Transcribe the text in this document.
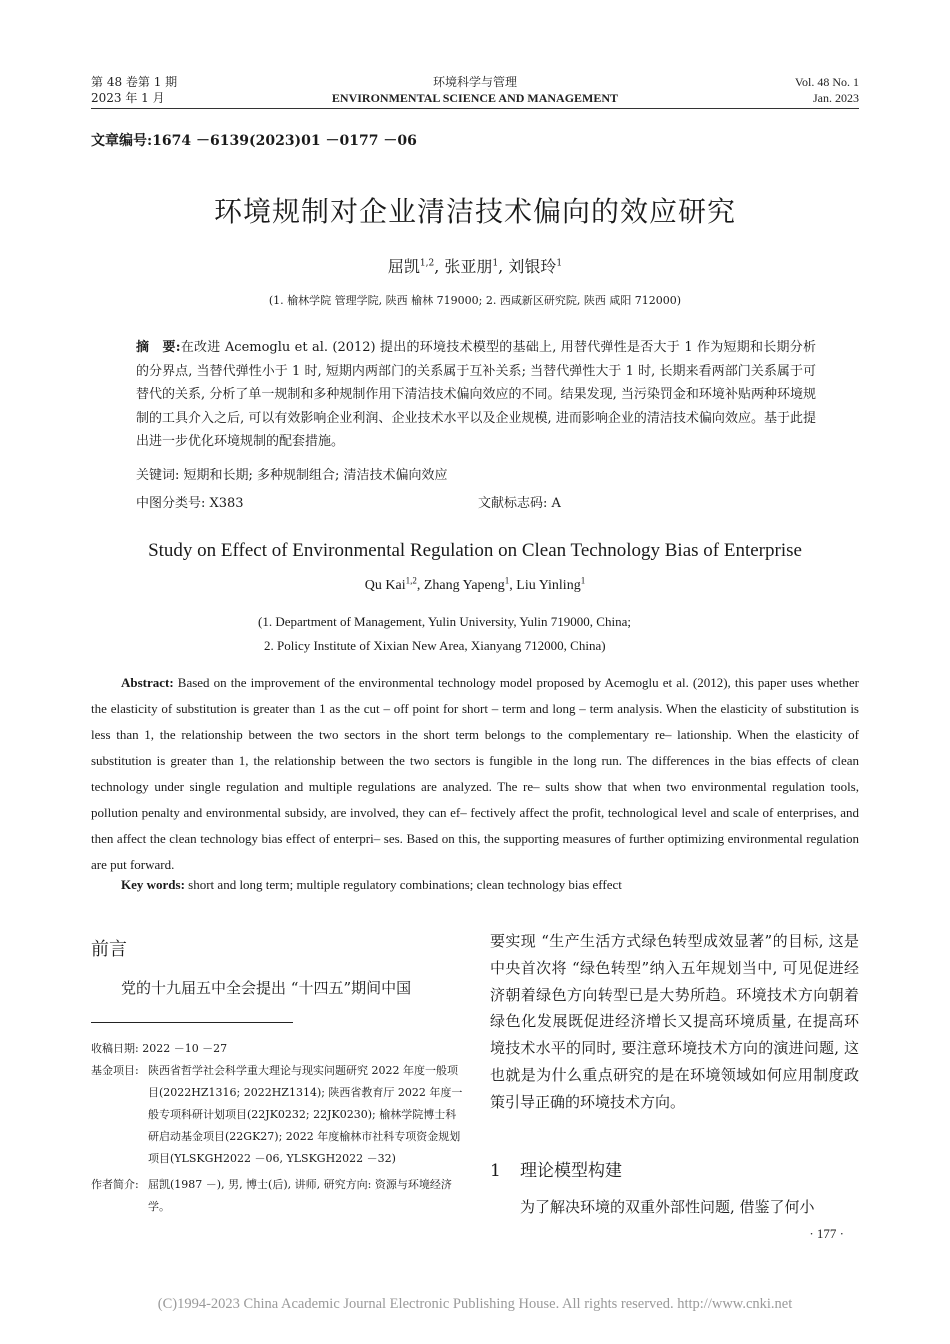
第 48 卷第 1 期
2023 年 1 月
环境科学与管理
ENVIRONMENTAL SCIENCE AND MANAGEMENT
Vol. 48 No. 1
Jan. 2023
文章编号:1674 －6139(2023)01 －0177 －06
环境规制对企业清洁技术偏向的效应研究
屈凯$^{1,2}$, 张亚朋$^1$, 刘银玲$^1$
(1. 榆林学院 管理学院, 陕西 榆林 719000; 2. 西咸新区研究院, 陕西 咸阳 712000)
摘　要:在改进 Acemoglu et al. (2012) 提出的环境技术模型的基础上, 用替代弹性是否大于 1 作为短期和长期分析的分界点, 当替代弹性小于 1 时, 短期内两部门的关系属于互补关系; 当替代弹性大于 1 时, 长期来看两部门关系属于可替代的关系, 分析了单一规制和多种规制作用下清洁技术偏向效应的不同。结果发现, 当污染罚金和环境补贴两种环境规制的工具介入之后, 可以有效影响企业利润、企业技术水平以及企业规模, 进而影响企业的清洁技术偏向效应。基于此提出进一步优化环境规制的配套措施。
关键词: 短期和长期; 多种规制组合; 清洁技术偏向效应
中图分类号: X383	文献标志码: A
Study on Effect of Environmental Regulation on Clean Technology Bias of Enterprise
Qu Kai$^{1,2}$, Zhang Yapeng$^1$, Liu Yinling$^1$
(1. Department of Management, Yulin University, Yulin 719000, China;
2. Policy Institute of Xixian New Area, Xianyang 712000, China)
Abstract: Based on the improvement of the environmental technology model proposed by Acemoglu et al. (2012), this paper uses whether the elasticity of substitution is greater than 1 as the cut – off point for short – term and long – term analysis. When the elasticity of substitution is less than 1, the relationship between the two sectors in the short term belongs to the complementary re– lationship. When the elasticity of substitution is greater than 1, the relationship between the two sectors is fungible in the long run. The differences in the bias effects of clean technology under single regulation and multiple regulations are analyzed. The re– sults show that when two environmental regulation tools, pollution penalty and environmental subsidy, are involved, they can ef– fectively affect the profit, technological level and scale of enterprises, and then affect the clean technology bias effect of enterpri– ses. Based on this, the supporting measures of further optimizing environmental regulation are put forward.
Key words: short and long term; multiple regulatory combinations; clean technology bias effect
前言
党的十九届五中全会提出 “十四五”期间中国
收稿日期: 2022 －10 －27
基金项目: 陕西省哲学社会科学重大理论与现实问题研究 2022 年度一般项目(2022HZ1316; 2022HZ1314); 陕西省教育厅 2022 年度一般专项科研计划项目(22JK0232; 22JK0230); 榆林学院博士科研启动基金项目(22GK27); 2022 年度榆林市社科专项资金规划项目(YLSKGH2022 －06, YLSKGH2022 －32)
作者简介: 屈凯(1987 －), 男, 博士(后), 讲师, 研究方向: 资源与环境经济学。
要实现 “生产生活方式绿色转型成效显著”的目标, 这是中央首次将 “绿色转型”纳入五年规划当中, 可见促进经济朝着绿色方向转型已是大势所趋。环境技术方向朝着绿色化发展既促进经济增长又提高环境质量, 在提高环境技术水平的同时, 要注意环境技术方向的演进问题, 这也就是为什么重点研究的是在环境领域如何应用制度政策引导正确的环境技术方向。
1 理论模型构建
为了解决环境的双重外部性问题, 借鉴了何小
· 177 ·
(C)1994-2023 China Academic Journal Electronic Publishing House. All rights reserved. http://www.cnki.net
